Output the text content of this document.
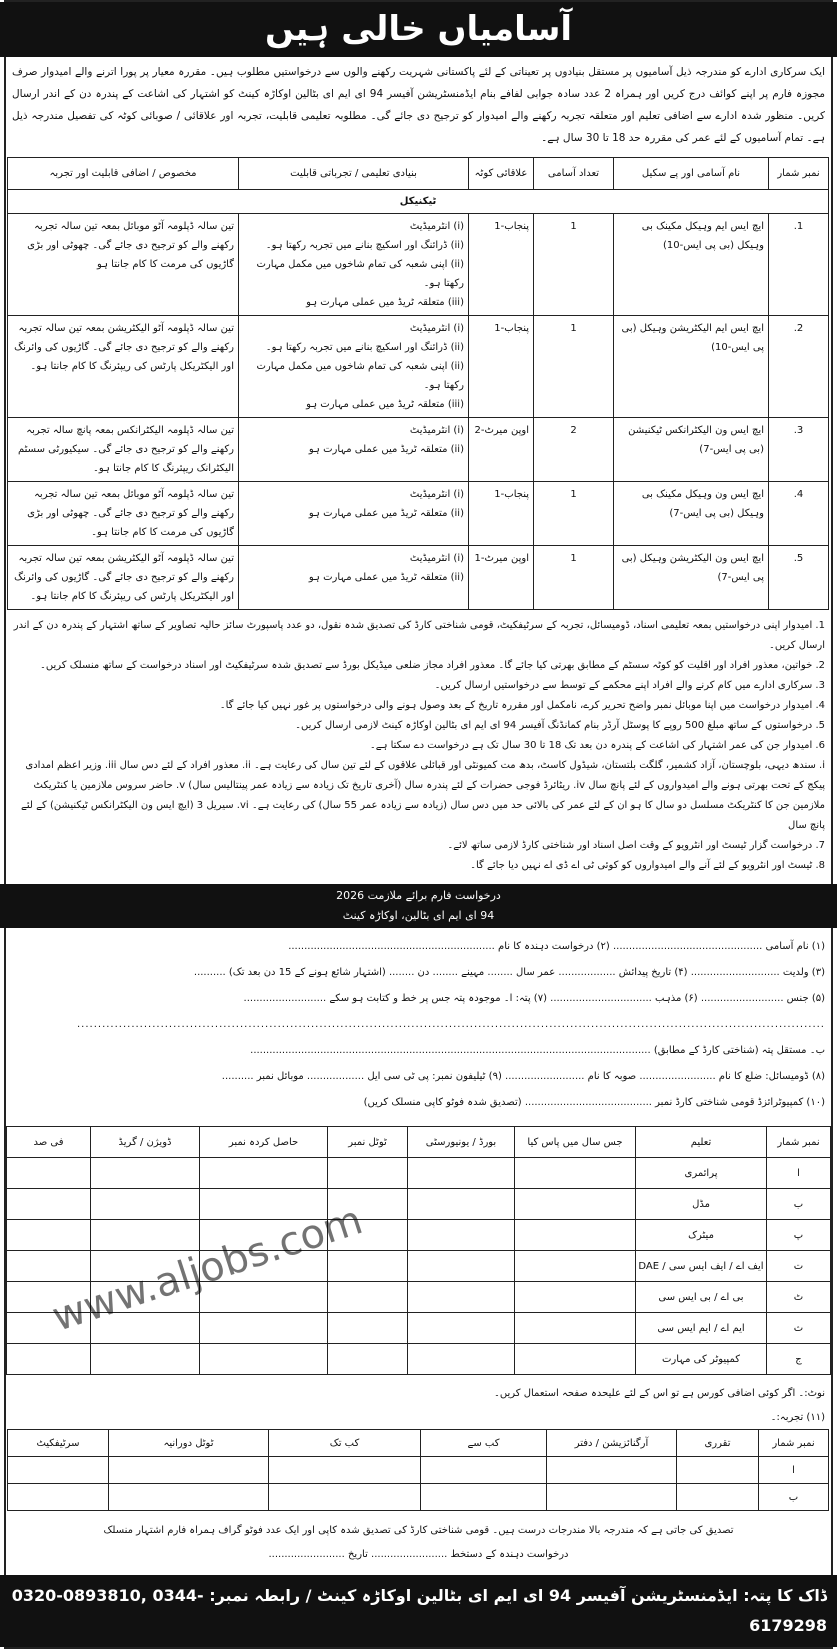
آسامیاں خالی ہیں

ایک سرکاری ادارے کو مندرجہ ذیل آسامیوں پر مستقل بنیادوں پر تعیناتی کے لئے پاکستانی شہریت رکھنے والوں سے درخواستیں مطلوب ہیں۔ مقررہ معیار پر پورا اترنے والے امیدوار صرف مجوزہ فارم پر اپنے کوائف درج کریں اور ہمراہ 2 عدد سادہ جوابی لفافے بنام ایڈمنسٹریشن آفیسر 94 ای ایم ای بٹالین اوکاڑہ کینٹ کو اشتہار کی اشاعت کے پندرہ دن کے اندر ارسال کریں۔ منظور شدہ ادارے سے اضافی تعلیم اور متعلقہ تجربہ رکھنے والے امیدوار کو ترجیح دی جائے گی۔ مطلوبہ تعلیمی قابلیت، تجربہ اور علاقائی / صوبائی کوٹہ کی تفصیل مندرجہ ذیل ہے۔ تمام آسامیوں کے لئے عمر کی مقررہ حد 18 تا 30 سال ہے۔

نمبر شمار	نام آسامی اور پے سکیل	تعداد آسامی	علاقائی کوٹہ	بنیادی تعلیمی / تجرباتی قابلیت	مخصوص / اضافی قابلیت اور تجربہ
ٹیکنیکل					
1.	ایچ ایس ایم وہیکل مکینک بی وہیکل (بی پی ایس-10)	1	پنجاب-1	(i) انٹرمیڈیٹ
(ii) ڈرائنگ اور اسکیچ بنانے میں تجربہ رکھتا ہو۔
(ii) اپنی شعبہ کی تمام شاخوں میں مکمل مہارت رکھتا ہو۔
(iii) متعلقہ ٹریڈ میں عملی مہارت ہو	تین سالہ ڈپلومہ آٹو موبائل بمعہ تین سالہ تجربہ رکھنے والے کو ترجیح دی جائے گی۔ چھوٹی اور بڑی گاڑیوں کی مرمت کا کام جانتا ہو
2.	ایچ ایس ایم الیکٹریشن وہیکل (بی پی ایس-10)	1	پنجاب-1	(i) انٹرمیڈیٹ
(ii) ڈرائنگ اور اسکیچ بنانے میں تجربہ رکھتا ہو۔
(ii) اپنی شعبہ کی تمام شاخوں میں مکمل مہارت رکھتا ہو۔
(iii) متعلقہ ٹریڈ میں عملی مہارت ہو	تین سالہ ڈپلومہ آٹو الیکٹریشن بمعہ تین سالہ تجربہ رکھنے والے کو ترجیح دی جائے گی۔ گاڑیوں کی وائرنگ اور الیکٹریکل پارٹس کی ریپئرنگ کا کام جانتا ہو۔
3.	ایچ ایس ون الیکٹرانکس ٹیکنیشن (بی پی ایس-7)	2	اوپن میرٹ-2	(i) انٹرمیڈیٹ
(ii) متعلقہ ٹریڈ میں عملی مہارت ہو	تین سالہ ڈپلومہ الیکٹرانکس بمعہ پانچ سالہ تجربہ رکھنے والے کو ترجیح دی جائے گی۔ سیکیورٹی سسٹم الیکٹرانک ریپئرنگ کا کام جانتا ہو۔
4.	ایچ ایس ون وہیکل مکینک بی وہیکل (بی پی ایس-7)	1	پنجاب-1	(i) انٹرمیڈیٹ
(ii) متعلقہ ٹریڈ میں عملی مہارت ہو	تین سالہ ڈپلومہ آٹو موبائل بمعہ تین سالہ تجربہ رکھنے والے کو ترجیح دی جائے گی۔ چھوٹی اور بڑی گاڑیوں کی مرمت کا کام جانتا ہو۔
5.	ایچ ایس ون الیکٹریشن وہیکل (بی پی ایس-7)	1	اوپن میرٹ-1	(i) انٹرمیڈیٹ
(ii) متعلقہ ٹریڈ میں عملی مہارت ہو	تین سالہ ڈپلومہ آٹو الیکٹریشن بمعہ تین سالہ تجربہ رکھنے والے کو ترجیح دی جائے گی۔ گاڑیوں کی وائرنگ اور الیکٹریکل پارٹس کی ریپئرنگ کا کام جانتا ہو۔
1. امیدوار اپنی درخواستیں بمعہ تعلیمی اسناد، ڈومیسائل، تجربہ کے سرٹیفکیٹ، قومی شناختی کارڈ کی تصدیق شدہ نقول، دو عدد پاسپورٹ سائز حالیہ تصاویر کے ساتھ اشتہار کے پندرہ دن کے اندر ارسال کریں۔
2. خواتین، معذور افراد اور اقلیت کو کوٹہ سسٹم کے مطابق بھرتی کیا جائے گا۔ معذور افراد مجاز ضلعی میڈیکل بورڈ سے تصدیق شدہ سرٹیفکیٹ اور اسناد درخواست کے ساتھ منسلک کریں۔
3. سرکاری ادارے میں کام کرنے والے افراد اپنے محکمے کے توسط سے درخواستیں ارسال کریں۔
4. امیدوار درخواست میں اپنا موبائل نمبر واضح تحریر کرے، نامکمل اور مقررہ تاریخ کے بعد وصول ہونے والی درخواستوں پر غور نہیں کیا جائے گا۔
5. درخواستوں کے ساتھ مبلغ 500 روپے کا پوسٹل آرڈر بنام کمانڈنگ آفیسر 94 ای ایم ای بٹالین اوکاڑہ کینٹ لازمی ارسال کریں۔
6. امیدوار جن کی عمر اشتہار کی اشاعت کے پندرہ دن بعد تک 18 تا 30 سال تک ہے درخواست دے سکتا ہے۔
i. سندھ دیہی، بلوچستان، آزاد کشمیر، گلگت بلتستان، شیڈول کاسٹ، بدھ مت کمیونٹی اور قبائلی علاقوں کے لئے تین سال کی رعایت ہے۔ ii. معذور افراد کے لئے دس سال iii. وزیر اعظم امدادی پیکج کے تحت بھرتی ہونے والے امیدواروں کے لئے پانچ سال iv. ریٹائرڈ فوجی حضرات کے لئے پندرہ سال (آخری تاریخ تک زیادہ سے زیادہ عمر پینتالیس سال) v. حاضر سروس ملازمین یا کنٹریکٹ ملازمین جن کا کنٹریکٹ مسلسل دو سال کا ہو ان کے لئے عمر کی بالائی حد میں دس سال (زیادہ سے زیادہ عمر 55 سال) کی رعایت ہے۔ vi. سیریل 3 (ایچ ایس ون الیکٹرانکس ٹیکنیشن) کے لئے پانچ سال
7. درخواست گزار ٹیسٹ اور انٹرویو کے وقت اصل اسناد اور شناختی کارڈ لازمی ساتھ لائے۔
8. ٹیسٹ اور انٹرویو کے لئے آنے والے امیدواروں کو کوئی ٹی اے ڈی اے نہیں دیا جائے گا۔
درخواست فارم برائے ملازمت 2026
94 ای ایم ای بٹالین، اوکاڑہ کینٹ
(۱) نام آسامی ............................................... (۲) درخواست دہندہ کا نام .................................................................
(۳) ولدیت ............................ (۴) تاریخ پیدائش .................. عمر سال ........ مہینے ........ دن ........ (اشتہار شائع ہونے کے 15 دن بعد تک) ..........
(۵) جنس .......................... (۶) مذہب ................................ (۷) پتہ: ا۔ موجودہ پتہ جس پر خط و کتابت ہو سکے ..........................
...................................................................................................................................................................................
ب۔ مستقل پتہ (شناختی کارڈ کے مطابق) ..............................................................................................................................
(۸) ڈومیسائل: ضلع کا نام ........................ صوبہ کا نام ......................... (۹) ٹیلیفون نمبر: پی ٹی سی ایل .................. موبائل نمبر ..........
(۱۰) کمپیوٹرائزڈ قومی شناختی کارڈ نمبر ........................................ (تصدیق شدہ فوٹو کاپی منسلک کریں)
نمبر شمار	تعلیم	جس سال میں پاس کیا	بورڈ / یونیورسٹی	ٹوٹل نمبر	حاصل کردہ نمبر	ڈویژن / گریڈ	فی صد
ا	پرائمری						
ب	مڈل						
پ	میٹرک						
ت	ایف اے / ایف ایس سی / DAE						
ٹ	بی اے / بی ایس سی						
ث	ایم اے / ایم ایس سی						
ج	کمپیوٹر کی مہارت						
www.aljobs.com
نوٹ:۔ اگر کوئی اضافی کورس ہے تو اس کے لئے علیحدہ صفحہ استعمال کریں۔
(۱۱) تجربہ:۔
نمبر شمار	تقرری	آرگنائزیشن / دفتر	کب سے	کب تک	ٹوٹل دورانیہ	سرٹیفکیٹ
ا						
ب						
تصدیق کی جاتی ہے کہ مندرجہ بالا مندرجات درست ہیں۔ قومی شناختی کارڈ کی تصدیق شدہ کاپی اور ایک عدد فوٹو گراف ہمراہ فارم اشتہار منسلک
درخواست دہندہ کے دستخط ........................ تاریخ ........................
ڈاک کا پتہ: ایڈمنسٹریشن آفیسر 94 ای ایم ای بٹالین اوکاڑہ کینٹ / رابطہ نمبر: 0320-0893810, 0344-6179298
